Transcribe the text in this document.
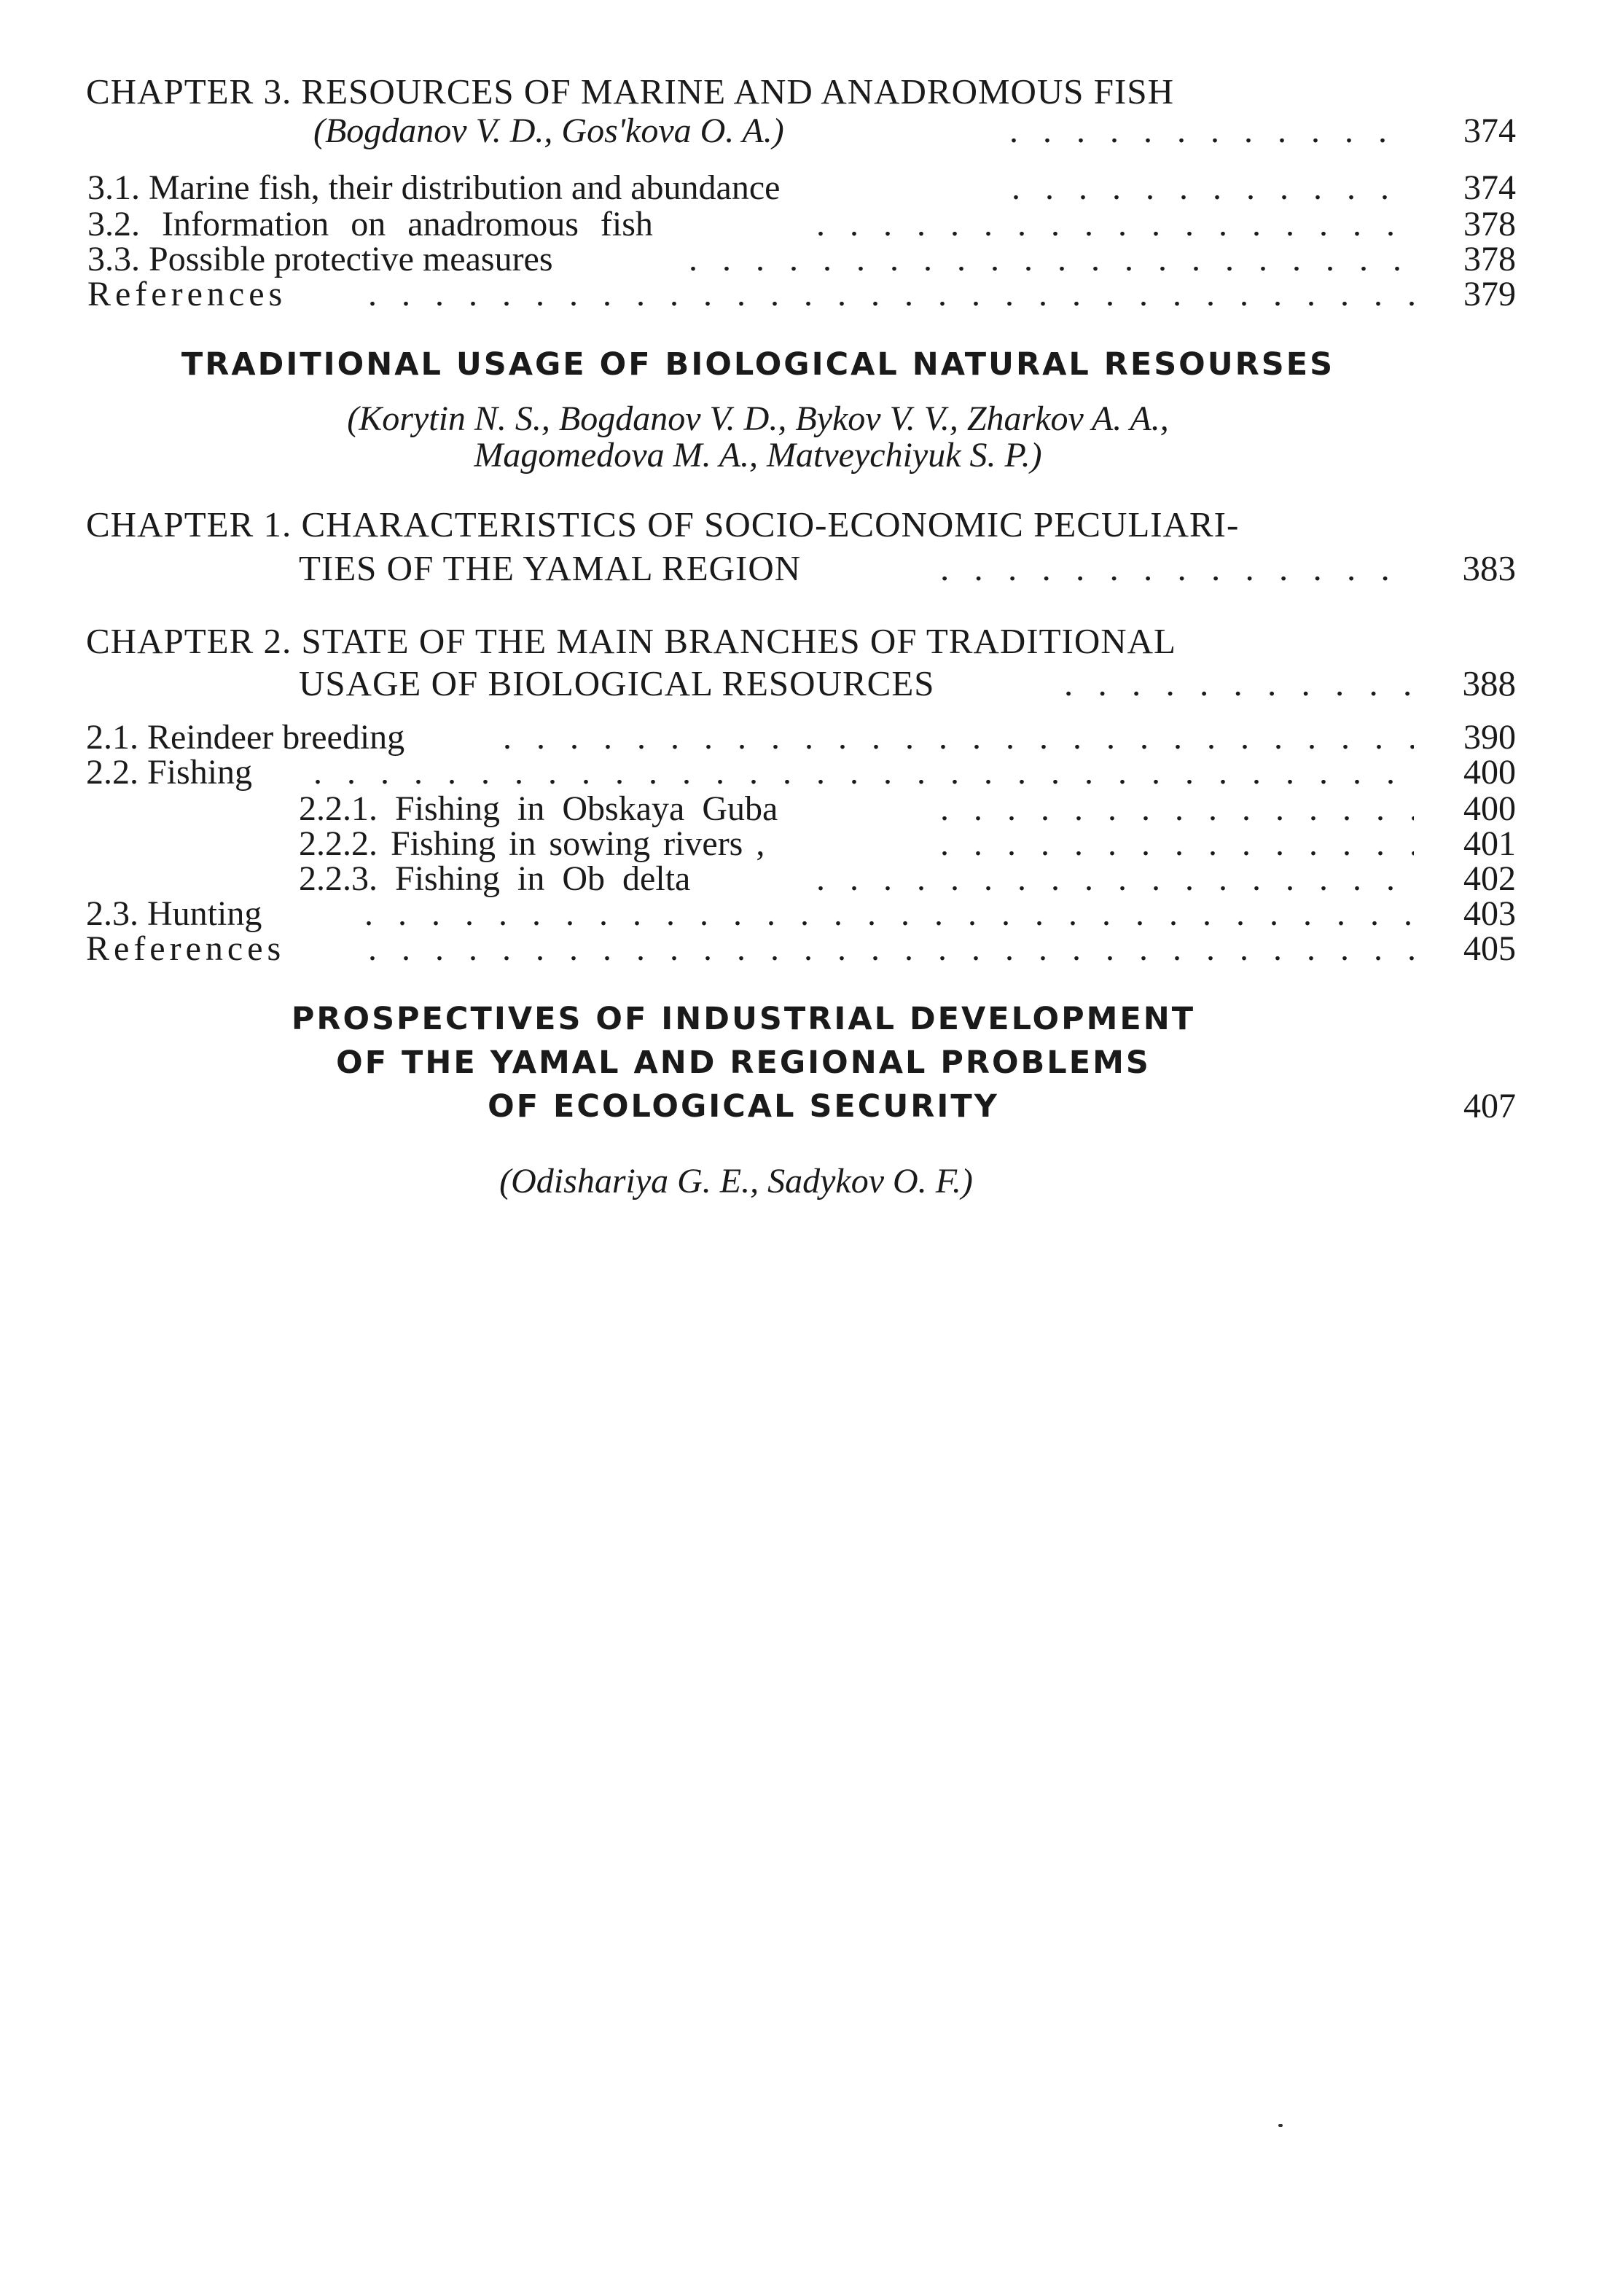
CHAPTER 3. RESOURCES OF MARINE AND ANADROMOUS FISH
(Bogdanov V. D., Gos'kova O. A.) . . .	374
3.1. Marine fish, their distribution and abundance . . .	374
3.2. Information on anadromous fish . . .	378
3.3. Possible protective measures . . .	378
References . . .	379
TRADITIONAL USAGE OF BIOLOGICAL NATURAL RESOURSES
(Korytin N. S., Bogdanov V. D., Bykov V. V., Zharkov A. A.,
Magomedova M. A., Matveychiyuk S. P.)
CHAPTER 1. CHARACTERISTICS OF SOCIO-ECONOMIC PECULIARI-
TIES OF THE YAMAL REGION . . .	383
CHAPTER 2. STATE OF THE MAIN BRANCHES OF TRADITIONAL
USAGE OF BIOLOGICAL RESOURCES . . .	388
2.1. Reindeer breeding . . .	390
2.2. Fishing . . .	400
2.2.1. Fishing in Obskaya Guba . . .	400
2.2.2. Fishing in sowing rivers , . . .	401
2.2.3. Fishing in Ob delta . . .	402
2.3. Hunting . . .	403
References . . .	405
PROSPECTIVES OF INDUSTRIAL DEVELOPMENT
OF THE YAMAL AND REGIONAL PROBLEMS
OF ECOLOGICAL SECURITY	407
(Odishariya G. E., Sadykov O. F.)
